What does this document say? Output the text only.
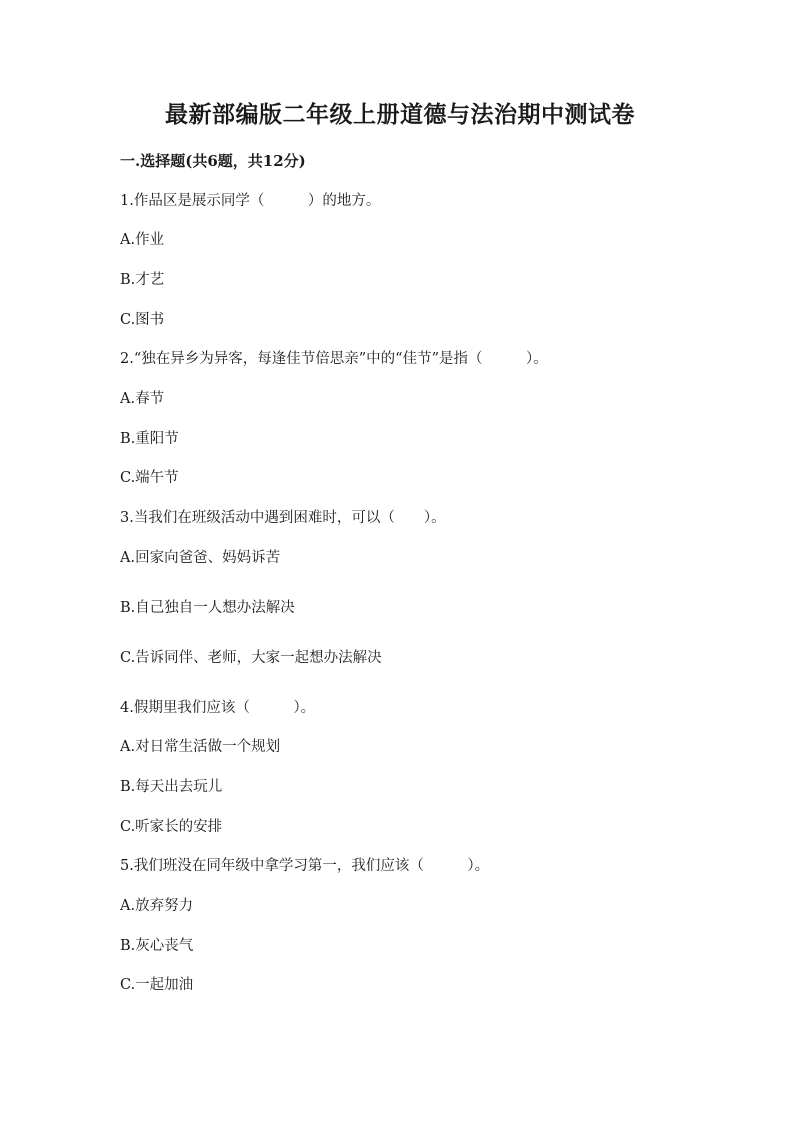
最新部编版二年级上册道德与法治期中测试卷
一.选择题(共6题，共12分)
1.作品区是展示同学（　　　）的地方。
A.作业
B.才艺
C.图书
2.“独在异乡为异客，每逢佳节倍思亲”中的“佳节”是指（　　　）。
A.春节
B.重阳节
C.端午节
3.当我们在班级活动中遇到困难时，可以（　　）。
A.回家向爸爸、妈妈诉苦
B.自己独自一人想办法解决
C.告诉同伴、老师，大家一起想办法解决
4.假期里我们应该（　　　）。
A.对日常生活做一个规划
B.每天出去玩儿
C.听家长的安排
5.我们班没在同年级中拿学习第一，我们应该（　　　）。
A.放弃努力
B.灰心丧气
C.一起加油
